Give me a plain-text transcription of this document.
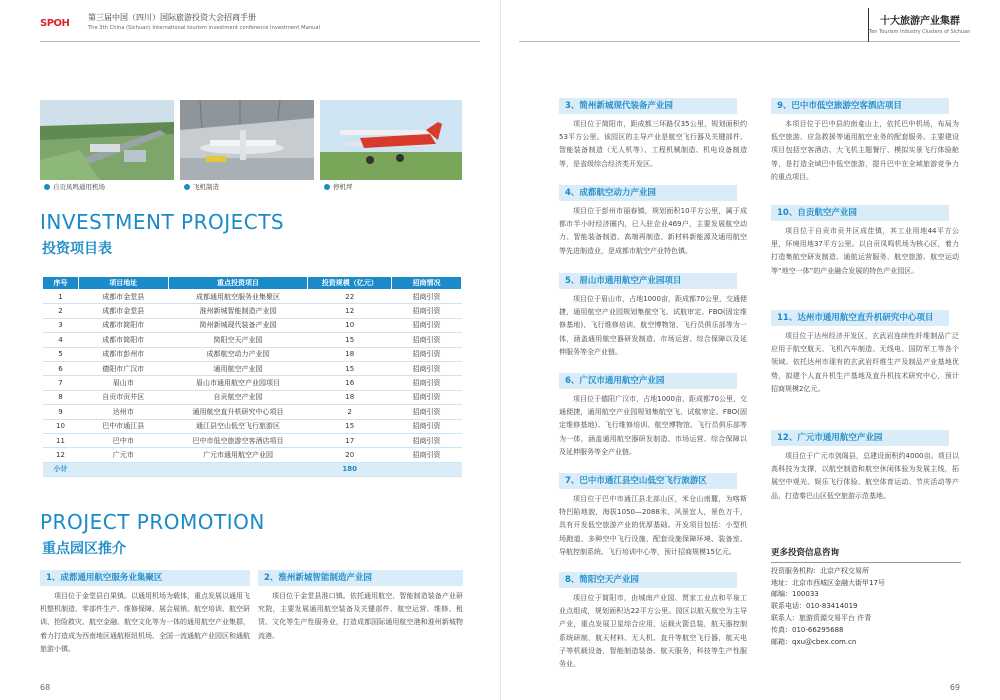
SPOH
第三届中国（四川）国际旅游投资大会招商手册
The 3th China (Sichuan) International tourism investment conference Investment Manual
自贡凤鸣通用机场	飞机制造	停机坪
INVESTMENT PROJECTS
投资项目表
序号	项目地址	重点投资项目	投资规模（亿元）	招商情况
1	成都市金堂县	成都通用航空服务业集聚区	22	招商引资
2	成都市金堂县	淮州新城智能制造产业园	12	招商引资
3	成都市简阳市	简州新城现代装备产业园	10	招商引资
4	成都市简阳市	简阳空天产业园	15	招商引资
5	成都市彭州市	成都航空动力产业园	18	招商引资
6	德阳市广汉市	通用航空产业园	15	招商引资
7	眉山市	眉山市通用航空产业园项目	16	招商引资
8	自贡市贡井区	自贡航空产业园	18	招商引资
9	达州市	通用航空直升机研究中心项目	2	招商引资
10	巴中市通江县	通江县空山低空飞行旅游区	15	招商引资
11	巴中市	巴中市低空旅游空客酒店项目	17	招商引资
12	广元市	广元市通用航空产业园	20	招商引资
小计			180	
PROJECT PROMOTION
重点园区推介
1、成都通用航空服务业集聚区
项目位于金堂县白果镇。以通用机场为载体，重点发展以通用飞机整机制造、零部件生产、维修保障、展会展销、航空培训、航空研训、抢险救灾、航空金融、航空文化等为一体的通用航空产业集群，着力打造成为西南地区通航枢纽机场、全国一流通航产业园区和通航旅游小镇。
2、淮州新城智能制造产业园
项目位于金堂县淮口镇。依托通用航空、智能制造装备产业研究院，主要发展通用航空装备及关键部件、航空运营、维修、租赁、文化等生产性服务业，打造成都国际通用航空港和淮州新城物流港。
68
十大旅游产业集群
Ten Tourism Industry Clusters of Sichuan
3、简州新城现代装备产业园
项目位于简阳市，距成都三环路仅35公里，规划面积约53平方公里。该园区的主导产业是航空飞行器及关键部件、智能装备制造（无人机等）、工程机械制造、机电设备制造等，是省级综合经济类开发区。
4、成都航空动力产业园
项目位于彭州市丽春镇，规划面积10平方公里，属于成都市半小时经济圈内，已入驻企业469户，主要发展航空动力、智能装备制造、高端再制造、新材料新能源及通用航空等先进制造业，是成都市航空产业特色镇。
5、眉山市通用航空产业园项目
项目位于眉山市，占地1000亩，距成都70公里，交通便捷，通用航空产业园规划集航空飞、试航审定、FBO(固定维修基地)、飞行维修培训、航空博物馆、飞行员俱乐部等为一体，涵盖通用航空器研发制造、市场运营、综合保障以及延伸服务等全产业链。
6、广汉市通用航空产业园
项目位于德阳广汉市，占地1000亩，距成都70公里，交通便捷，通用航空产业园规划集航空飞、试航审定、FBO(固定维修基地)、飞行维修培训、航空博物馆、飞行员俱乐部等为一体，涵盖通用航空器研发制造、市场运营、综合保障以及延伸服务等全产业链。
7、巴中市通江县空山低空飞行旅游区
项目位于巴中市通江县北部山区，米仓山南麓，为喀斯特凹陷地貌，海拔1050—2088米，风景宜人，景色万千，具有开发低空旅游产业的优厚基础。开发项目包括：小型机场跑道、多种空中飞行设施、配套设施保障环境、装备室、导航控制系统、飞行培训中心等，预计招商规模15亿元。
8、简阳空天产业园
项目位于简阳市，由城南产业园、贾家工业点和平泉工业点组成，规划面积达22平方公里。园区以航天航空为主导产业，重点发展卫星综合应用，运载火箭总装，航天器控制系统研制，航天材料、无人机、直升等航空飞行器，航天电子等机载设备，智能制造装备、航天服务，科技等生产性服务业。
9、巴中市低空旅游空客酒店项目
本项目位于巴中县的南龛山上，依托巴中机场，布局为低空旅游、应急救援等通用航空业务的配套服务。主要建设项目包括空客酒店、大飞机主题餐厅、模拟实景飞行体验舱等，是打造全域巴中低空旅游，提升巴中在全域旅游竞争力的重点项目。
10、自贡航空产业园
项目位于自贡市贡井区成佳镇，其工业用地44平方公里，环境用地37平方公里。以自贡凤鸣机场为核心区，着力打造集航空研发制造、通航运营服务、航空旅游、航空运动等“地空一体”的产业融合发展的特色产业园区。
11、达州市通用航空直升机研究中心项目
项目位于达州经济开发区，玄武岩连续性纤维制品广泛应用于航空航天、飞机汽车制造、无线电、国防军工等各个领域。依托达州市现有的玄武岩纤维生产及制品产业基地优势，拟建个人直升机生产基地及直升机技术研究中心，预计招商规模2亿元。
12、广元市通用航空产业园
项目位于广元市剑阁县，总建设面积约4000亩。项目以高科技为支撑，以航空制造和航空休闲体验为发展主线，拓展空中观光、娱乐飞行体验、航空体育运动、节庆活动等产品，打造秦巴山区低空旅游示范基地。
更多投资信息咨询
投资服务机构：北京产权交易所
地址：北京市西城区金融大街甲17号
邮编：100033
联系电话：010-83414019
联系人：旅游资源交易平台 许青
传真：010-66295688
邮箱：qxu@cbex.com.cn
69
